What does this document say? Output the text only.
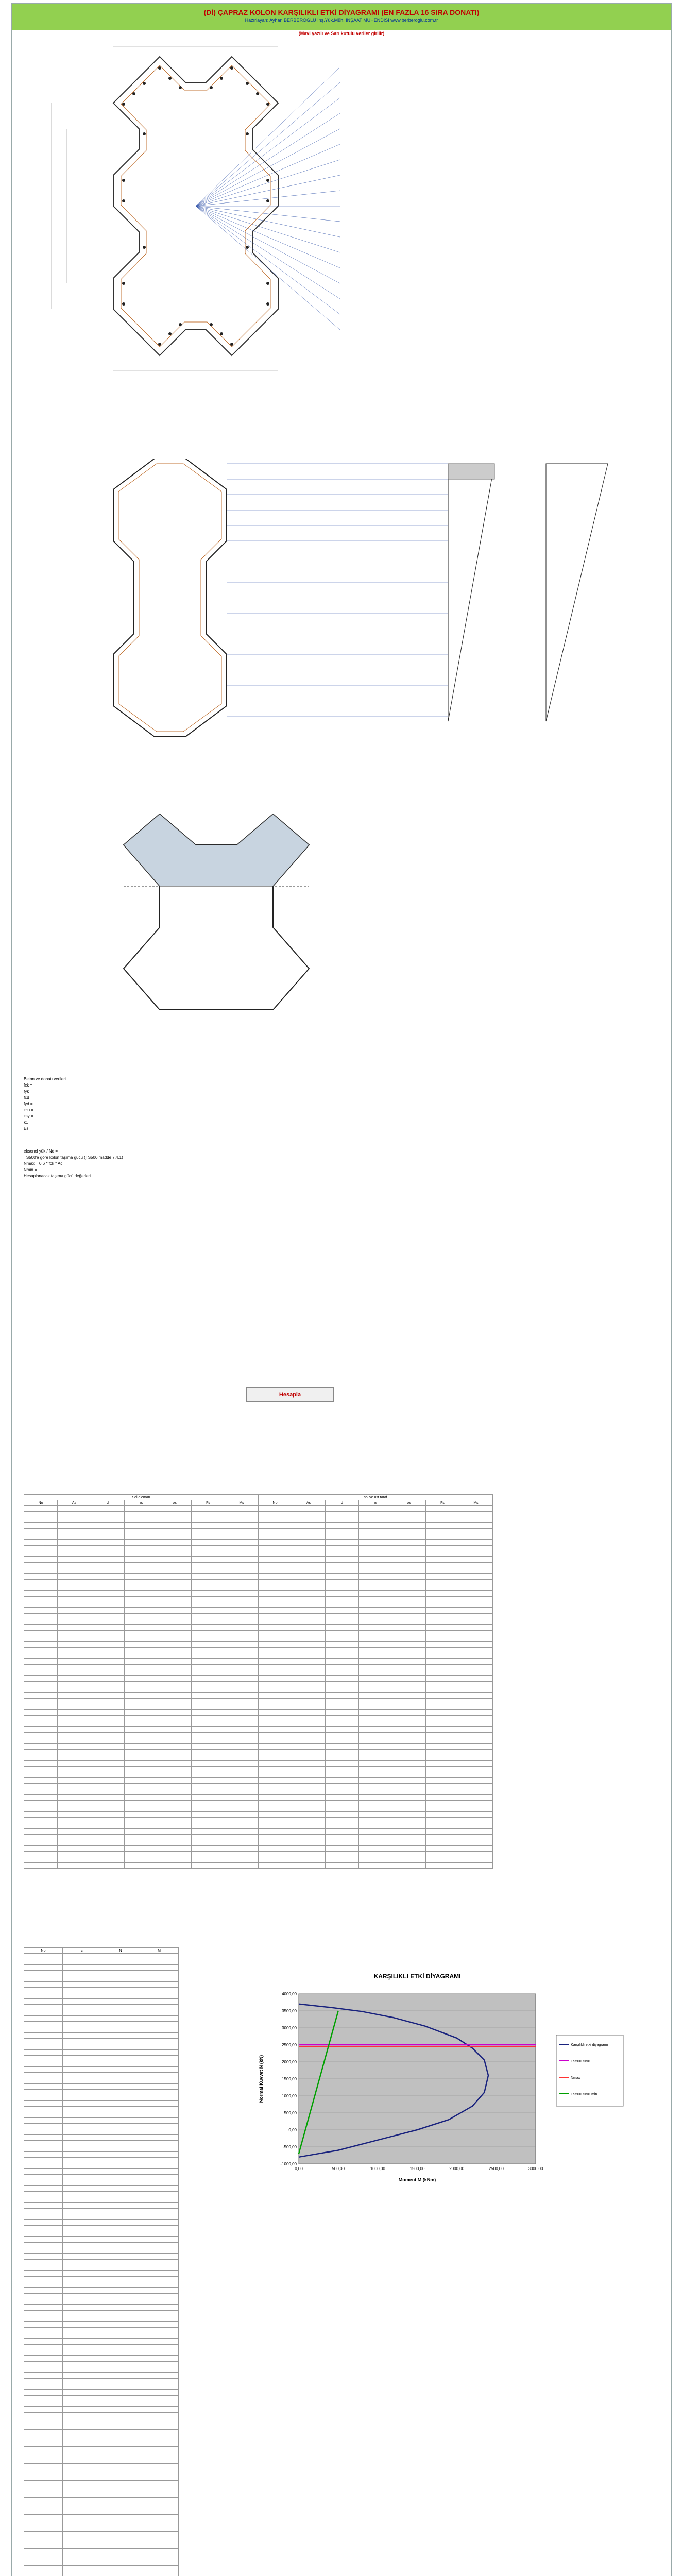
(Dİ) ÇAPRAZ KOLON KARŞILIKLI ETKİ DİYAGRAMI (EN FAZLA 16 SIRA DONATI)
Hazırlayan: Ayhan BERBEROĞLU İnş.Yük.Müh. İNŞAAT MÜHENDİSİ www.berberoglu.com.tr
(Mavi yazılı ve Sarı kutulu veriler girilir)
Beton ve donatı verileri
fck =
fyk =
fcd =
fyd =
εcu =
εsy =
k1 =
Es =
eksenel yük / Nd =
TS500'e göre kolon taşıma gücü (TS500 madde 7.4.1)
Nmax = 0.6 * fck * Ac
Nmin = ...
Hesaplanacak taşıma gücü değerleri
Hesapla
Sol eleman							sol ve üst taraf						
No	As	d	εs	σs	Fs	Ms	No	As	d	εs	σs	Fs	Ms

-1000,00
-500,00
0,00
500,00
1000,00
1500,00
2000,00
2500,00
3000,00
3500,00
4000,00
0,00	500,00	1000,00	1500,00	2000,00	2500,00	3000,00
KARŞILIKLI ETKİ DİYAGRAMI
Moment M (kNm)
Normal Kuvvet N (kN)
Karşılıklı etki diyagramı
TS500 sınırı
Nmax
TS500 sınırı min
No	c	N	M
